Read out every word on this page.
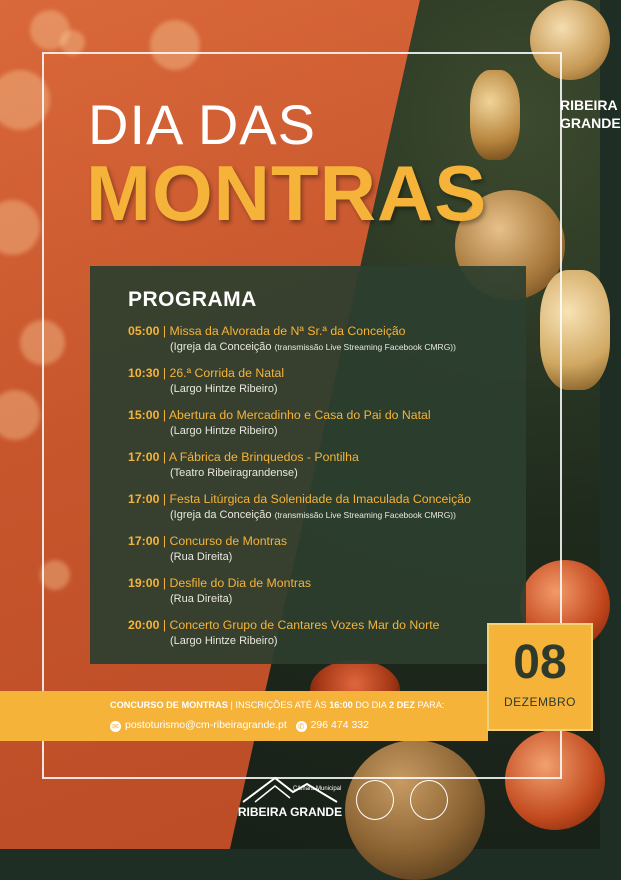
DIA DAS
MONTRAS
RIBEIRA GRANDE
PROGRAMA
05:00 | Missa da Alvorada de Nª Sr.ª da Conceição
(Igreja da Conceição (transmissão Live Streaming Facebook CMRG))
10:30 | 26.ª Corrida de Natal
(Largo Hintze Ribeiro)
15:00 | Abertura do Mercadinho e Casa do Pai do Natal
(Largo Hintze Ribeiro)
17:00 | A Fábrica de Brinquedos - Pontilha
(Teatro Ribeiragrandense)
17:00 | Festa Litúrgica da Solenidade da Imaculada Conceição
(Igreja da Conceição (transmissão Live Streaming Facebook CMRG))
17:00 | Concurso de Montras
(Rua Direita)
19:00 | Desfile do Dia de Montras
(Rua Direita)
20:00 | Concerto Grupo de Cantares Vozes Mar do Norte
(Largo Hintze Ribeiro)
CONCURSO DE MONTRAS | INSCRIÇÕES ATÉ ÀS 16:00 DO DIA 2 DEZ PARA:
✉ postoturismo@cm-ribeiragrande.pt ✆ 296 474 332
08
DEZEMBRO
Câmara Municipal
RIBEIRA GRANDE
